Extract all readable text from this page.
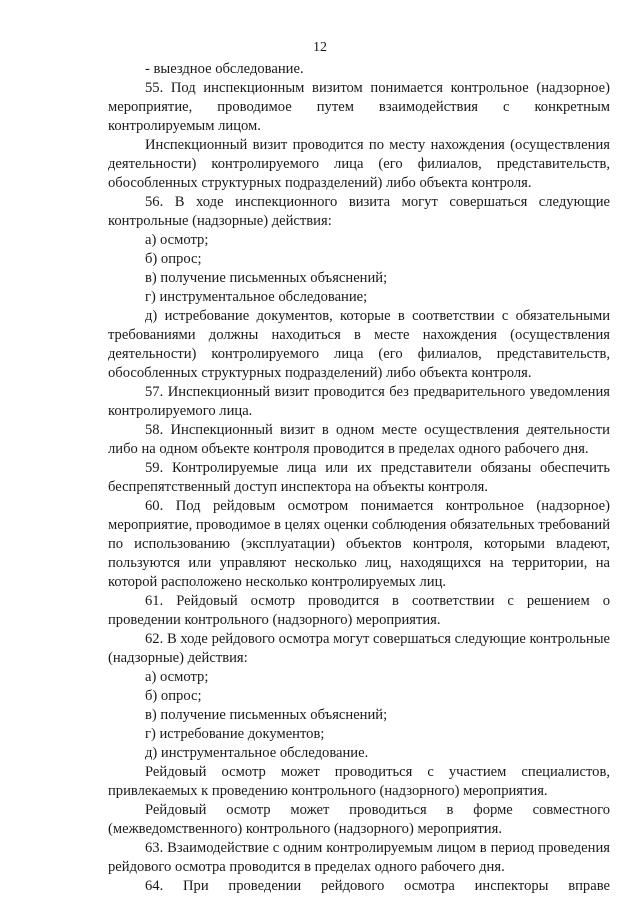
12

- выездное обследование.

55. Под инспекционным визитом понимается контрольное (надзорное) мероприятие, проводимое путем взаимодействия с конкретным контролируемым лицом.

Инспекционный визит проводится по месту нахождения (осуществления деятельности) контролируемого лица (его филиалов, представительств, обособленных структурных подразделений) либо объекта контроля.

56. В ходе инспекционного визита могут совершаться следующие контрольные (надзорные) действия:

а) осмотр;

б) опрос;

в) получение письменных объяснений;

г) инструментальное обследование;

д) истребование документов, которые в соответствии с обязательными требованиями должны находиться в месте нахождения (осуществления деятельности) контролируемого лица (его филиалов, представительств, обособленных структурных подразделений) либо объекта контроля.

57. Инспекционный визит проводится без предварительного уведомления контролируемого лица.

58. Инспекционный визит в одном месте осуществления деятельности либо на одном объекте контроля проводится в пределах одного рабочего дня.

59. Контролируемые лица или их представители обязаны обеспечить беспрепятственный доступ инспектора на объекты контроля.

60. Под рейдовым осмотром понимается контрольное (надзорное) мероприятие, проводимое в целях оценки соблюдения обязательных требований по использованию (эксплуатации) объектов контроля, которыми владеют, пользуются или управляют несколько лиц, находящихся на территории, на которой расположено несколько контролируемых лиц.

61. Рейдовый осмотр проводится в соответствии с решением о проведении контрольного (надзорного) мероприятия.

62. В ходе рейдового осмотра могут совершаться следующие контрольные (надзорные) действия:

а) осмотр;

б) опрос;

в) получение письменных объяснений;

г) истребование документов;

д) инструментальное обследование.

Рейдовый осмотр может проводиться с участием специалистов, привлекаемых к проведению контрольного (надзорного) мероприятия.

Рейдовый осмотр может проводиться в форме совместного (межведомственного) контрольного (надзорного) мероприятия.

63. Взаимодействие с одним контролируемым лицом в период проведения рейдового осмотра проводится в пределах одного рабочего дня.

64. При проведении рейдового осмотра инспекторы вправе
